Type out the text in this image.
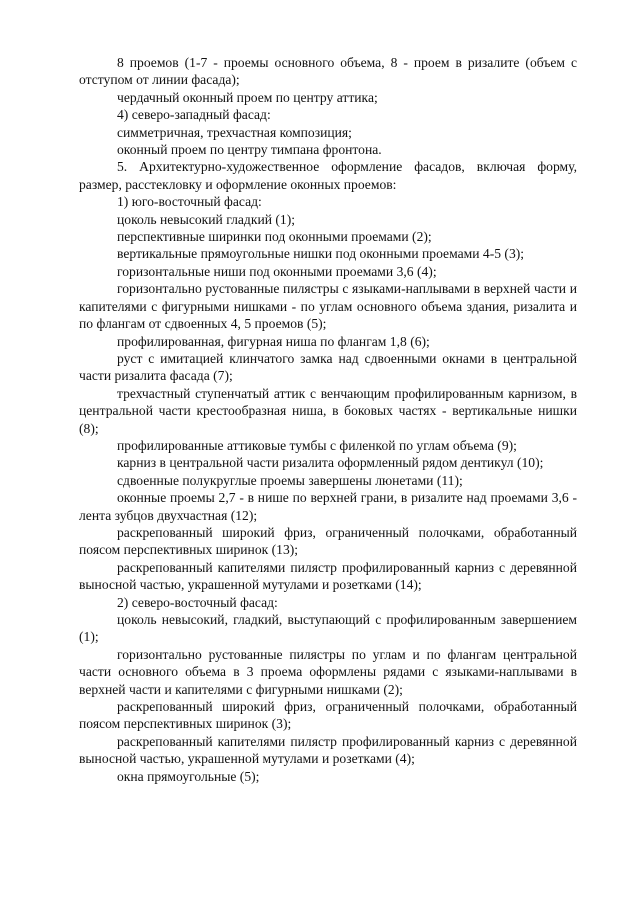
8 проемов (1-7 - проемы основного объема, 8 - проем в ризалите (объем с отступом от линии фасада);

чердачный оконный проем по центру аттика;

4) северо-западный фасад:

симметричная, трехчастная композиция;

оконный проем по центру тимпана фронтона.

5. Архитектурно-художественное оформление фасадов, включая форму, размер, расстекловку и оформление оконных проемов:

1) юго-восточный фасад:

цоколь невысокий гладкий (1);

перспективные ширинки под оконными проемами (2);

вертикальные прямоугольные нишки под оконными проемами 4-5 (3);

горизонтальные ниши под оконными проемами 3,6 (4);

горизонтально рустованные пилястры с языками-наплывами в верхней части и капителями с фигурными нишками - по углам основного объема здания, ризалита и по флангам от сдвоенных 4, 5 проемов (5);

профилированная, фигурная ниша по флангам 1,8 (6);

руст с имитацией клинчатого замка над сдвоенными окнами в центральной части ризалита фасада (7);

трехчастный ступенчатый аттик с венчающим профилированным карнизом, в центральной части крестообразная ниша, в боковых частях - вертикальные нишки (8);

профилированные аттиковые тумбы с филенкой по углам объема (9);

карниз в центральной части ризалита оформленный рядом дентикул (10);

сдвоенные полукруглые проемы завершены люнетами (11);

оконные проемы 2,7 - в нише по верхней грани, в ризалите над проемами 3,6 - лента зубцов двухчастная (12);

раскрепованный широкий фриз, ограниченный полочками, обработанный поясом перспективных ширинок (13);

раскрепованный капителями пилястр профилированный карниз с деревянной выносной частью, украшенной мутулами и розетками (14);

2) северо-восточный фасад:

цоколь невысокий, гладкий, выступающий с профилированным завершением (1);

горизонтально рустованные пилястры по углам и по флангам центральной части основного объема в 3 проема оформлены рядами с языками-наплывами в верхней части и капителями с фигурными нишками (2);

раскрепованный широкий фриз, ограниченный полочками, обработанный поясом перспективных ширинок (3);

раскрепованный капителями пилястр профилированный карниз с деревянной выносной частью, украшенной мутулами и розетками (4);

окна прямоугольные (5);
